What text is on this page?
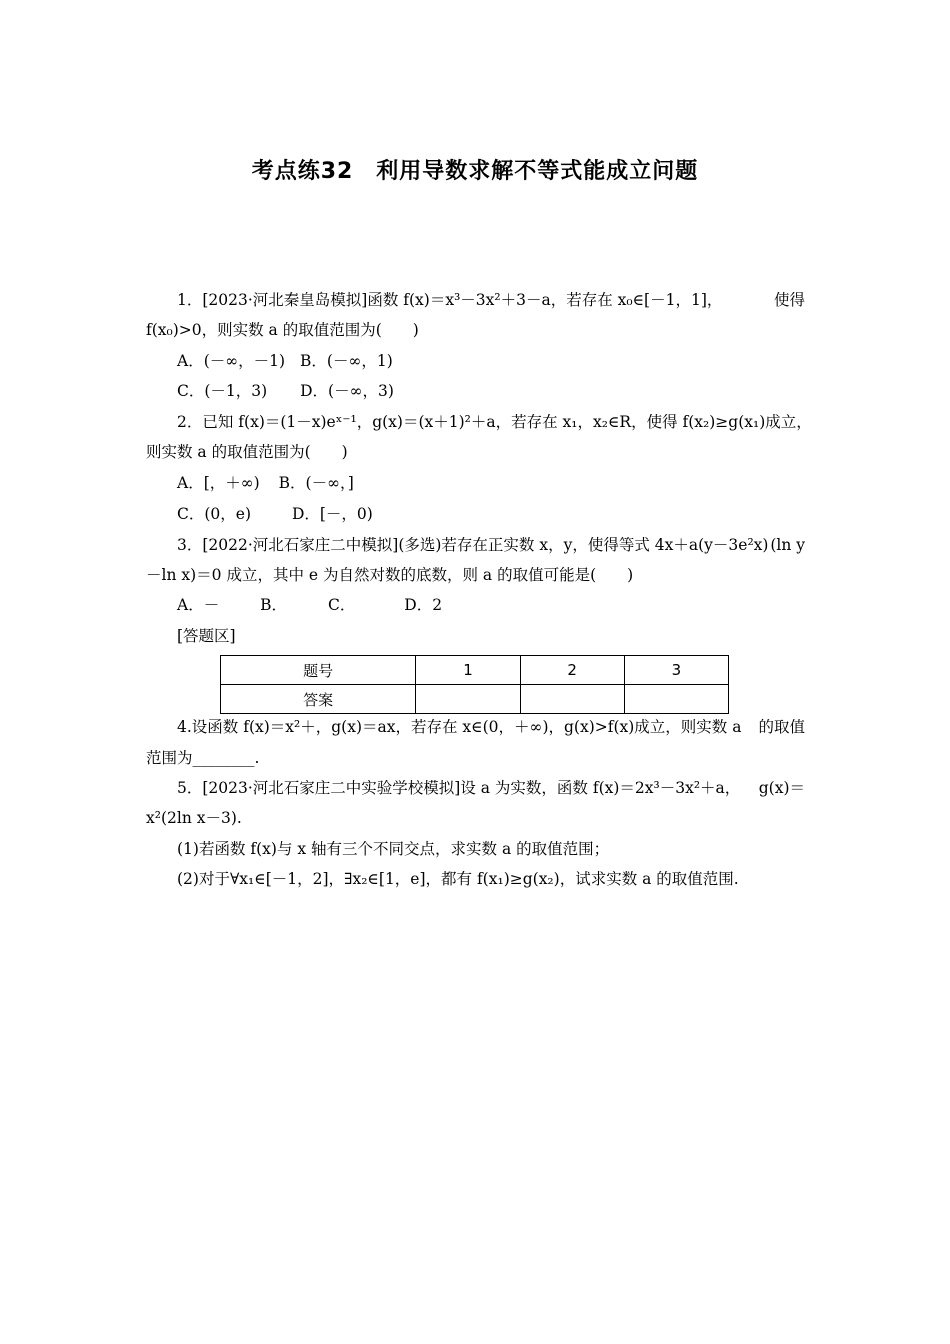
考点练32　利用导数求解不等式能成立问题
1．[2023·河北秦皇岛模拟]函数 f(x)＝x³－3x²＋3－a，若存在 x₀∈[－1，1]，	使得
f(x₀)>0，则实数 a 的取值范围为(　　)
A．(－∞，－1) B．(－∞，1)
C．(－1，3) D．(－∞，3)
2．已知 f(x)＝(1－x)eˣ⁻¹，g(x)＝(x＋1)²＋a，若存在 x₁，x₂∈R，使得 f(x₂)≥g(x₁) 成立，
则实数 a 的取值范围为(　　)
A．[，＋∞) B．(－∞，]
C．(0，e)	D．[－，0)
3．[2022·河北石家庄二中模拟](多选)若存在正实数 x，y，使得等式 4x＋a(y－3e²x) (ln y
－ln x)＝0 成立，其中 e 为自然对数的底数，则 a 的取值可能是(　　)
A．－	B．	C．	D．2
[答题区]
题号	1	2	3
答案			
4.设函数 f(x)＝x²＋，g(x)＝ax，若存在 x∈(0，＋∞)，g(x)>f(x)成立，则实数 a 的取值
范围为________.
5．[2023·河北石家庄二中实验学校模拟]设 a 为实数，函数 f(x)＝2x³－3x²＋a， g(x)＝
x²(2ln x－3).
(1)若函数 f(x)与 x 轴有三个不同交点，求实数 a 的取值范围；
(2)对于∀x₁∈[－1，2]，∃x₂∈[1，e]，都有 f(x₁)≥g(x₂)，试求实数 a 的取值范围.
